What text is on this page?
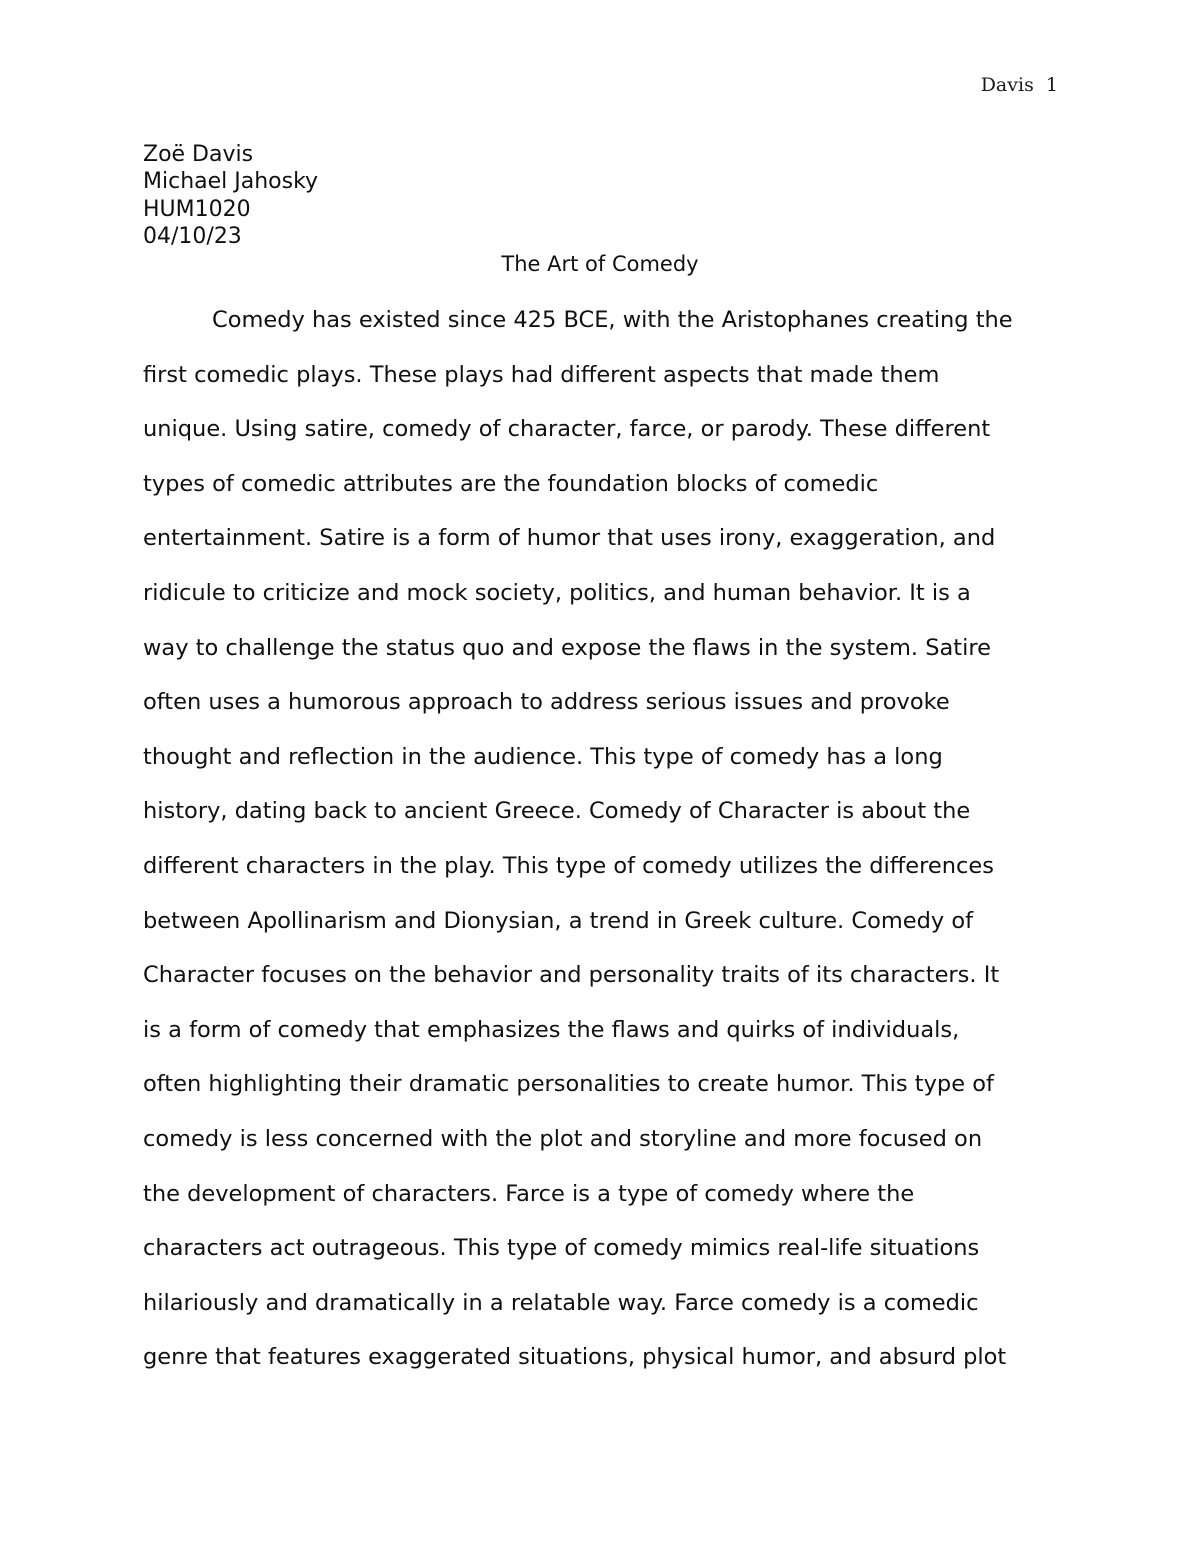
Davis  1
Zoë Davis
Michael Jahosky
HUM1020
04/10/23
The Art of Comedy
Comedy has existed since 425 BCE, with the Aristophanes creating the
first comedic plays. These plays had different aspects that made them
unique. Using satire, comedy of character, farce, or parody. These different
types of comedic attributes are the foundation blocks of comedic
entertainment. Satire is a form of humor that uses irony, exaggeration, and
ridicule to criticize and mock society, politics, and human behavior. It is a
way to challenge the status quo and expose the flaws in the system. Satire
often uses a humorous approach to address serious issues and provoke
thought and reflection in the audience. This type of comedy has a long
history, dating back to ancient Greece. Comedy of Character is about the
different characters in the play. This type of comedy utilizes the differences
between Apollinarism and Dionysian, a trend in Greek culture. Comedy of
Character focuses on the behavior and personality traits of its characters. It
is a form of comedy that emphasizes the flaws and quirks of individuals,
often highlighting their dramatic personalities to create humor. This type of
comedy is less concerned with the plot and storyline and more focused on
the development of characters. Farce is a type of comedy where the
characters act outrageous. This type of comedy mimics real-life situations
hilariously and dramatically in a relatable way. Farce comedy is a comedic
genre that features exaggerated situations, physical humor, and absurd plot
